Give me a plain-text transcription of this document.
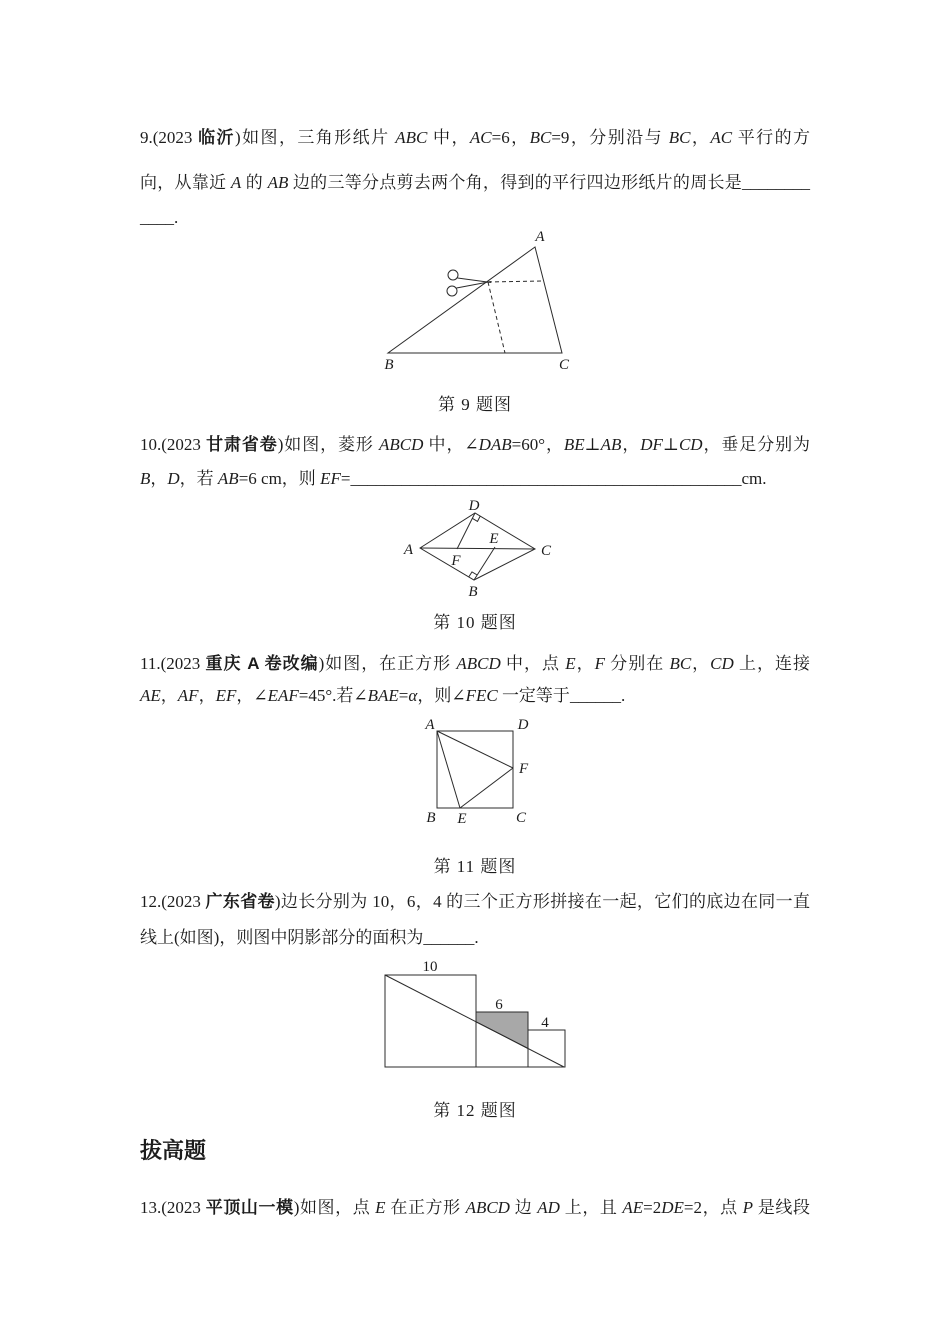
9.(2023 临沂)如图，三角形纸片 ABC 中，AC=6，BC=9，分别沿与 BC，AC 平行的方
向，从靠近 A 的 AB 边的三等分点剪去两个角，得到的平行四边形纸片的周长是________
____.
A
B	C
第 9 题图
10.(2023 甘肃省卷)如图，菱形 ABCD 中，∠DAB=60°，BE⊥AB，DF⊥CD，垂足分别为
B，D，若 AB=6 cm，则 EF=______________________________________________cm.
A
D
C
B
E
F
第 10 题图
11.(2023 重庆 A 卷改编)如图，在正方形 ABCD 中，点 E，F 分别在 BC，CD 上，连接
AE，AF，EF，∠EAF=45°.若∠BAE=α，则∠FEC 一定等于______.
A	D
B E	C
F
第 11 题图
12.(2023 广东省卷)边长分别为 10，6，4 的三个正方形拼接在一起，它们的底边在同一直
线上(如图)，则图中阴影部分的面积为______.
10
6
4
第 12 题图
拔高题
13.(2023 平顶山一模)如图，点 E 在正方形 ABCD 边 AD 上，且 AE=2DE=2，点 P 是线段
